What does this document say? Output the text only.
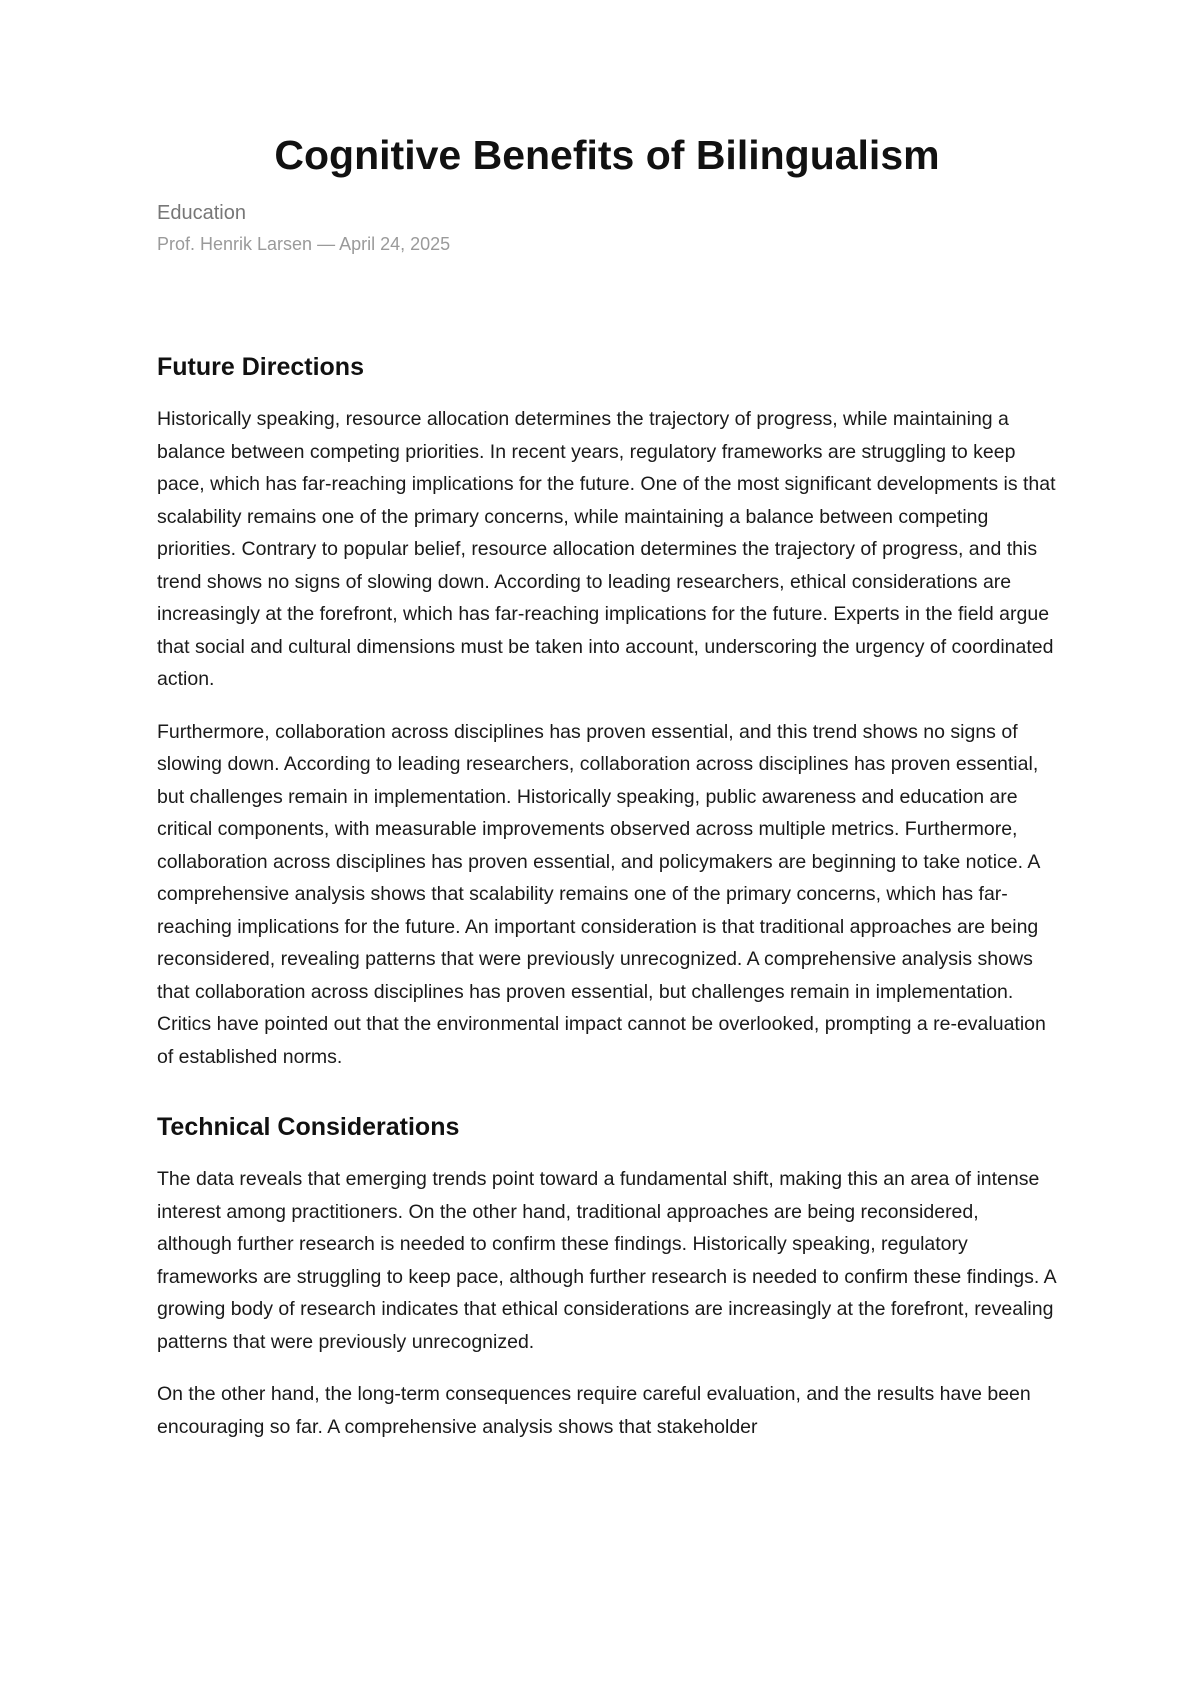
Cognitive Benefits of Bilingualism
Education
Prof. Henrik Larsen — April 24, 2025
Future Directions

Historically speaking, resource allocation determines the trajectory of progress, while maintaining a balance between competing priorities. In recent years, regulatory frameworks are struggling to keep pace, which has far-reaching implications for the future. One of the most significant developments is that scalability remains one of the primary concerns, while maintaining a balance between competing priorities. Contrary to popular belief, resource allocation determines the trajectory of progress, and this trend shows no signs of slowing down. According to leading researchers, ethical considerations are increasingly at the forefront, which has far-reaching implications for the future. Experts in the field argue that social and cultural dimensions must be taken into account, underscoring the urgency of coordinated action.

Furthermore, collaboration across disciplines has proven essential, and this trend shows no signs of slowing down. According to leading researchers, collaboration across disciplines has proven essential, but challenges remain in implementation. Historically speaking, public awareness and education are critical components, with measurable improvements observed across multiple metrics. Furthermore, collaboration across disciplines has proven essential, and policymakers are beginning to take notice. A comprehensive analysis shows that scalability remains one of the primary concerns, which has far-reaching implications for the future. An important consideration is that traditional approaches are being reconsidered, revealing patterns that were previously unrecognized. A comprehensive analysis shows that collaboration across disciplines has proven essential, but challenges remain in implementation. Critics have pointed out that the environmental impact cannot be overlooked, prompting a re-evaluation of established norms.

Technical Considerations

The data reveals that emerging trends point toward a fundamental shift, making this an area of intense interest among practitioners. On the other hand, traditional approaches are being reconsidered, although further research is needed to confirm these findings. Historically speaking, regulatory frameworks are struggling to keep pace, although further research is needed to confirm these findings. A growing body of research indicates that ethical considerations are increasingly at the forefront, revealing patterns that were previously unrecognized.

On the other hand, the long-term consequences require careful evaluation, and the results have been encouraging so far. A comprehensive analysis shows that stakeholder
